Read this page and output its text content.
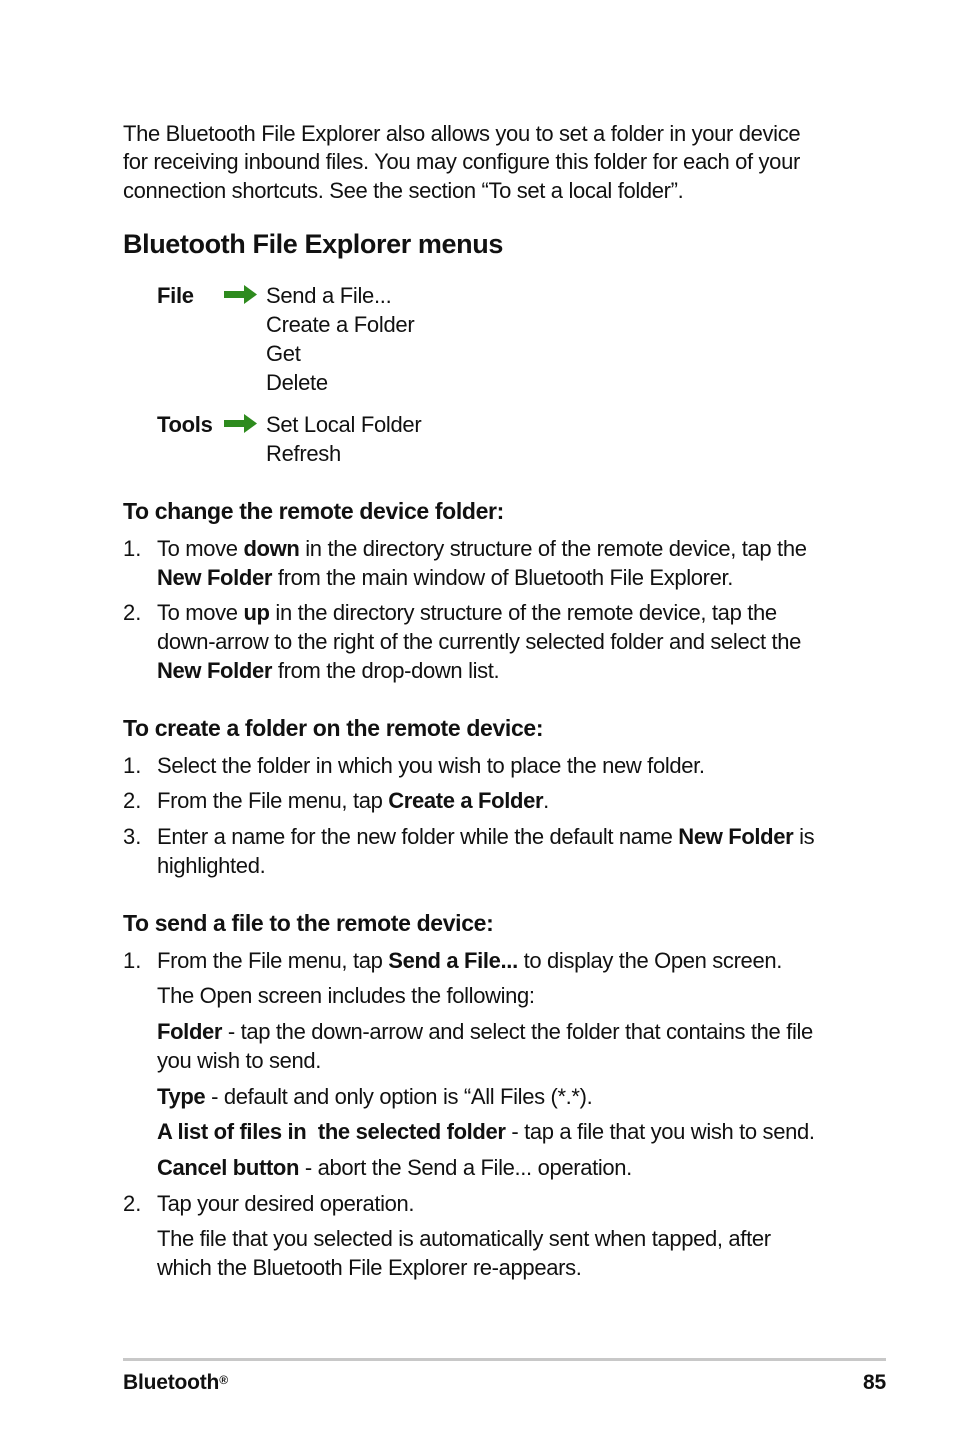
The Bluetooth File Explorer also allows you to set a folder in your device
for receiving inbound files. You may configure this folder for each of your
connection shortcuts. See the section “To set a local folder”.
Bluetooth File Explorer menus
File	Send a File...
Create a Folder
Get
Delete
Tools Set Local Folder
Refresh
To change the remote device folder:
1. To move down in the directory structure of the remote device, tap the
New Folder from the main window of Bluetooth File Explorer.
2. To move up in the directory structure of the remote device, tap the
down-arrow to the right of the currently selected folder and select the
New Folder from the drop-down list.
To create a folder on the remote device:
1. Select the folder in which you wish to place the new folder.
2. From the File menu, tap Create a Folder.
3. Enter a name for the new folder while the default name New Folder is
highlighted.
To send a file to the remote device:
1. From the File menu, tap Send a File... to display the Open screen.
The Open screen includes the following:
Folder - tap the down-arrow and select the folder that contains the file
you wish to send.
Type - default and only option is “All Files (*.*).
A list of files in  the selected folder - tap a file that you wish to send.
Cancel button - abort the Send a File... operation.
2. Tap your desired operation.
The file that you selected is automatically sent when tapped, after
which the Bluetooth File Explorer re-appears.
Bluetooth®	85
